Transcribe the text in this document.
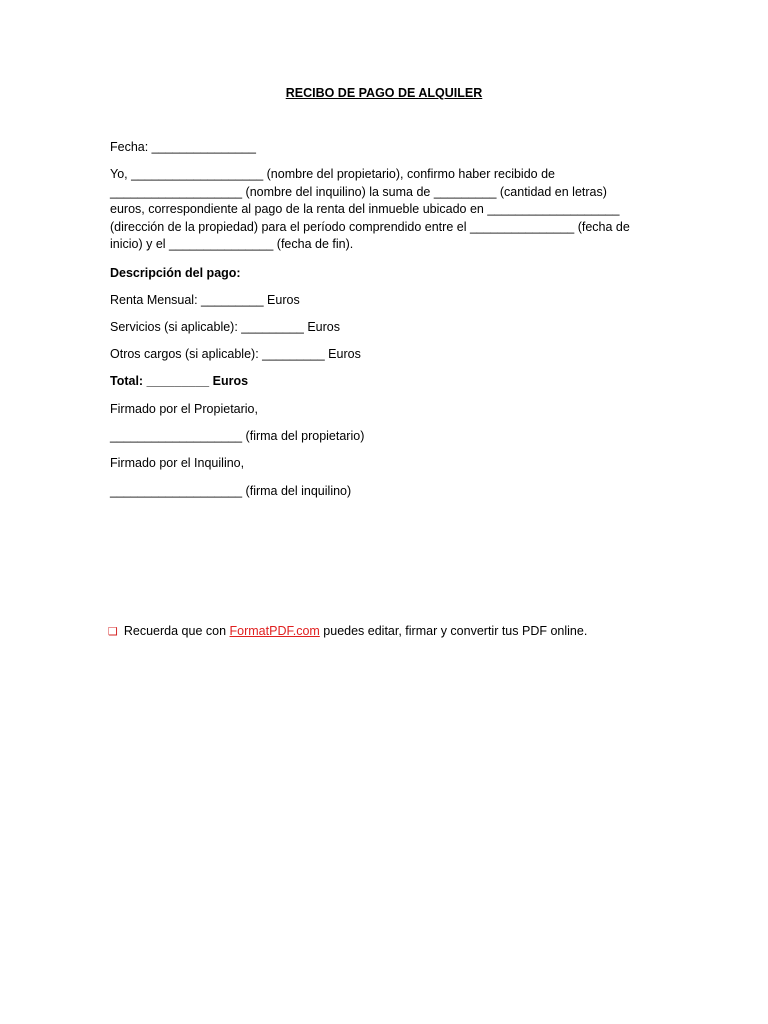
RECIBO DE PAGO DE ALQUILER
Fecha: _______________
Yo, ___________________ (nombre del propietario), confirmo haber recibido de
___________________ (nombre del inquilino) la suma de _________ (cantidad en letras)
euros, correspondiente al pago de la renta del inmueble ubicado en ___________________
(dirección de la propiedad) para el período comprendido entre el _______________ (fecha de
inicio) y el _______________ (fecha de fin).
Descripción del pago:
Renta Mensual: _________ Euros
Servicios (si aplicable): _________ Euros
Otros cargos (si aplicable): _________ Euros
Total: _________ Euros
Firmado por el Propietario,
___________________ (firma del propietario)
Firmado por el Inquilino,
___________________ (firma del inquilino)
❑ Recuerda que con FormatPDF.com puedes editar, firmar y convertir tus PDF online.
